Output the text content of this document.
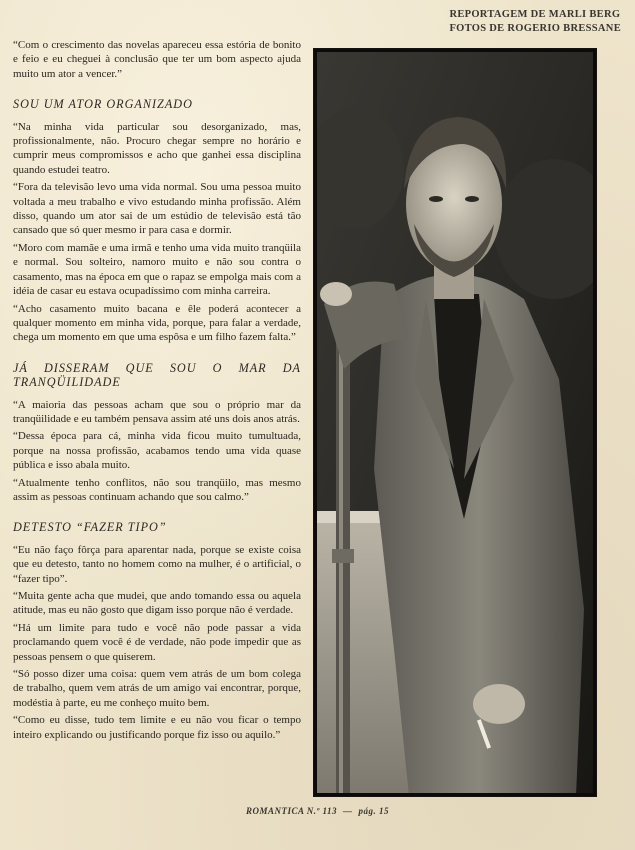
REPORTAGEM DE MARLI BERG
FOTOS DE ROGERIO BRESSANE

“Com o crescimento das novelas apareceu essa estória de bonito e feio e eu cheguei à conclusão que ter um bom aspecto ajuda muito um ator a vencer.”

SOU UM ATOR ORGANIZADO

“Na minha vida particular sou desorganizado, mas, profissionalmente, não. Procuro chegar sempre no horário e cumprir meus compromissos e acho que ganhei essa disciplina quando estudei teatro.

“Fora da televisão levo uma vida normal. Sou uma pessoa muito voltada a meu trabalho e vivo estudando minha profissão. Além disso, quando um ator sai de um estúdio de televisão está tão cansado que só quer mesmo ir para casa e dormir.

“Moro com mamãe e uma irmã e tenho uma vida muito tranqüila e normal. Sou solteiro, namoro muito e não sou contra o casamento, mas na época em que o rapaz se empolga mais com a idéia de casar eu estava ocupadíssimo com minha carreira.

“Acho casamento muito bacana e êle poderá acontecer a qualquer momento em minha vida, porque, para falar a verdade, chega um momento em que uma espôsa e um filho fazem falta.”

JÁ DISSERAM QUE SOU O MAR DA TRANQÜILIDADE

“A maioria das pessoas acham que sou o próprio mar da tranqüilidade e eu também pensava assim até uns dois anos atrás.

“Dessa época para cá, minha vida ficou muito tumultuada, porque na nossa profissão, acabamos tendo uma vida quase pública e isso abala muito.

“Atualmente tenho conflitos, não sou tranqüilo, mas mesmo assim as pessoas continuam achando que sou calmo.”

DETESTO “FAZER TIPO”

“Eu não faço fôrça para aparentar nada, porque se existe coisa que eu detesto, tanto no homem como na mulher, é o artificial, o “fazer tipo”.

“Muita gente acha que mudei, que ando tomando essa ou aquela atitude, mas eu não gosto que digam isso porque não é verdade.

“Há um limite para tudo e você não pode passar a vida proclamando quem você é de verdade, não pode impedir que as pessoas pensem o que quiserem.

“Só posso dizer uma coisa: quem vem atrás de um bom colega de trabalho, quem vem atrás de um amigo vai encontrar, porque, modéstia à parte, eu me conheço muito bem.

“Como eu disse, tudo tem limite e eu não vou ficar o tempo inteiro explicando ou justificando porque fiz isso ou aquilo.”

ROMANTICA N.º 113 — pág. 15
